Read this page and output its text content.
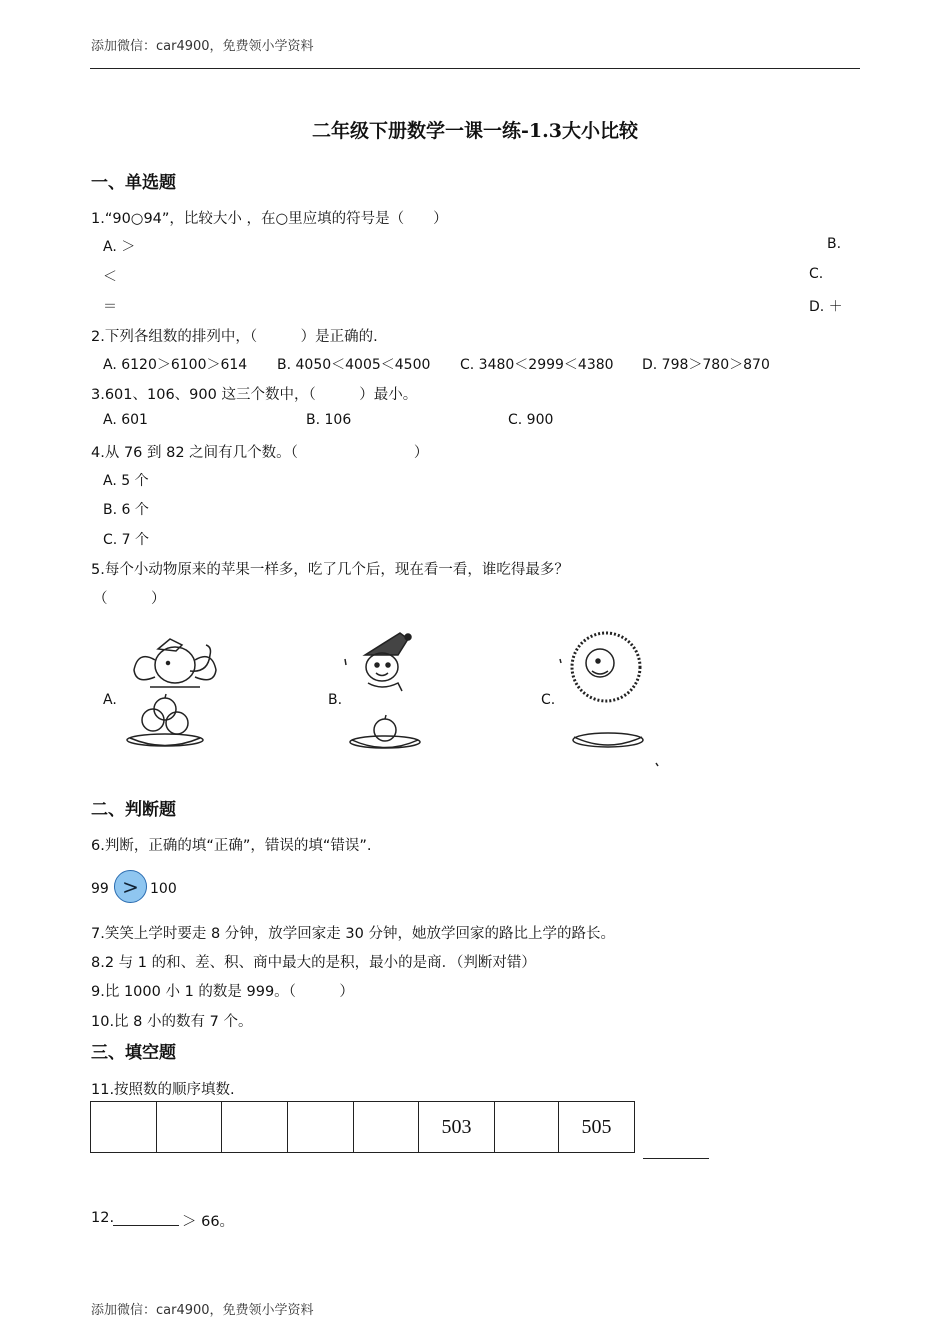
添加微信：car4900，免费领小学资料
二年级下册数学一课一练-1.3大小比较
一、单选题
1.“90○94”，比较大小 ，在○里应填的符号是（　　）
A. ＞	B.
＜	C.
＝	D. ＋
2.下列各组数的排列中，（　　　）是正确的.
A. 6120＞6100＞614 B. 4050＜4005＜4500 C. 3480＜2999＜4380 D. 798＞780＞870
3.601、106、900 这三个数中，（　　　）最小。
A. 601	B. 106	C. 900
4.从 76 到 82 之间有几个数。（　　　　　　　　）
A. 5 个
B. 6 个
C. 7 个
5.每个小动物原来的苹果一样多，吃了几个后，现在看一看，谁吃得最多？
（　　　）
A.	B.	C.
二、判断题
6.判断，正确的填“正确”，错误的填“错误”.
99 > 100
7.笑笑上学时要走 8 分钟，放学回家走 30 分钟，她放学回家的路比上学的路长。
8.2 与 1 的和、差、积、商中最大的是积，最小的是商．（判断对错）
9.比 1000 小 1 的数是 999。（　　　）
10.比 8 小的数有 7 个。
三、填空题
11.按照数的顺序填数.
					503		505
12.	＞ 66。
添加微信：car4900，免费领小学资料
